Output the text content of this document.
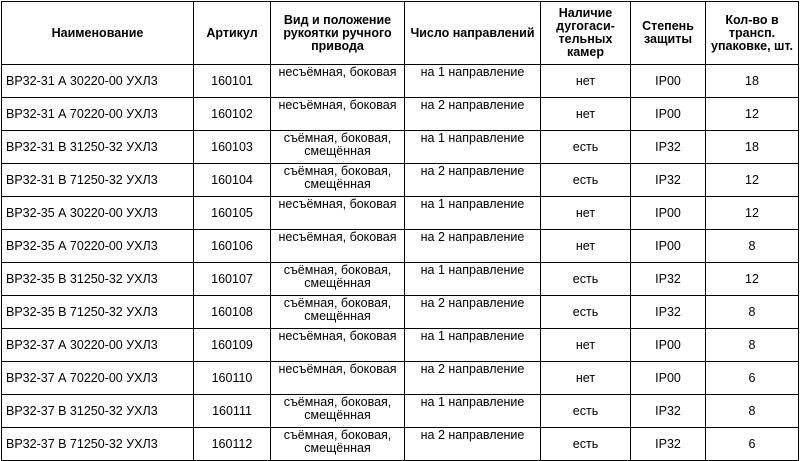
Наименование	Артикул	Вид и положение рукоятки ручного привода	Число направлений	Наличие дугогаси-тельных камер	Степень защиты	Кол-во в трансп. упаковке, шт.
ВР32-31 А 30220-00 УХЛ3	160101	несъёмная, боковая	на 1 направление	нет	IP00	18
ВР32-31 А 70220-00 УХЛ3	160102	несъёмная, боковая	на 2 направление	нет	IP00	12
ВР32-31 В 31250-32 УХЛ3	160103	съёмная, боковая, смещённая	на 1 направление	есть	IP32	18
ВР32-31 В 71250-32 УХЛ3	160104	съёмная, боковая, смещённая	на 2 направление	есть	IP32	12
ВР32-35 А 30220-00 УХЛ3	160105	несъёмная, боковая	на 1 направление	нет	IP00	12
ВР32-35 А 70220-00 УХЛ3	160106	несъёмная, боковая	на 2 направление	нет	IP00	8
ВР32-35 В 31250-32 УХЛ3	160107	съёмная, боковая, смещённая	на 1 направление	есть	IP32	12
ВР32-35 В 71250-32 УХЛ3	160108	съёмная, боковая, смещённая	на 2 направление	есть	IP32	8
ВР32-37 А 30220-00 УХЛ3	160109	несъёмная, боковая	на 1 направление	нет	IP00	8
ВР32-37 А 70220-00 УХЛ3	160110	несъёмная, боковая	на 2 направление	нет	IP00	6
ВР32-37 В 31250-32 УХЛ3	160111	съёмная, боковая, смещённая	на 1 направление	есть	IP32	8
ВР32-37 В 71250-32 УХЛ3	160112	съёмная, боковая, смещённая	на 2 направление	есть	IP32	6
